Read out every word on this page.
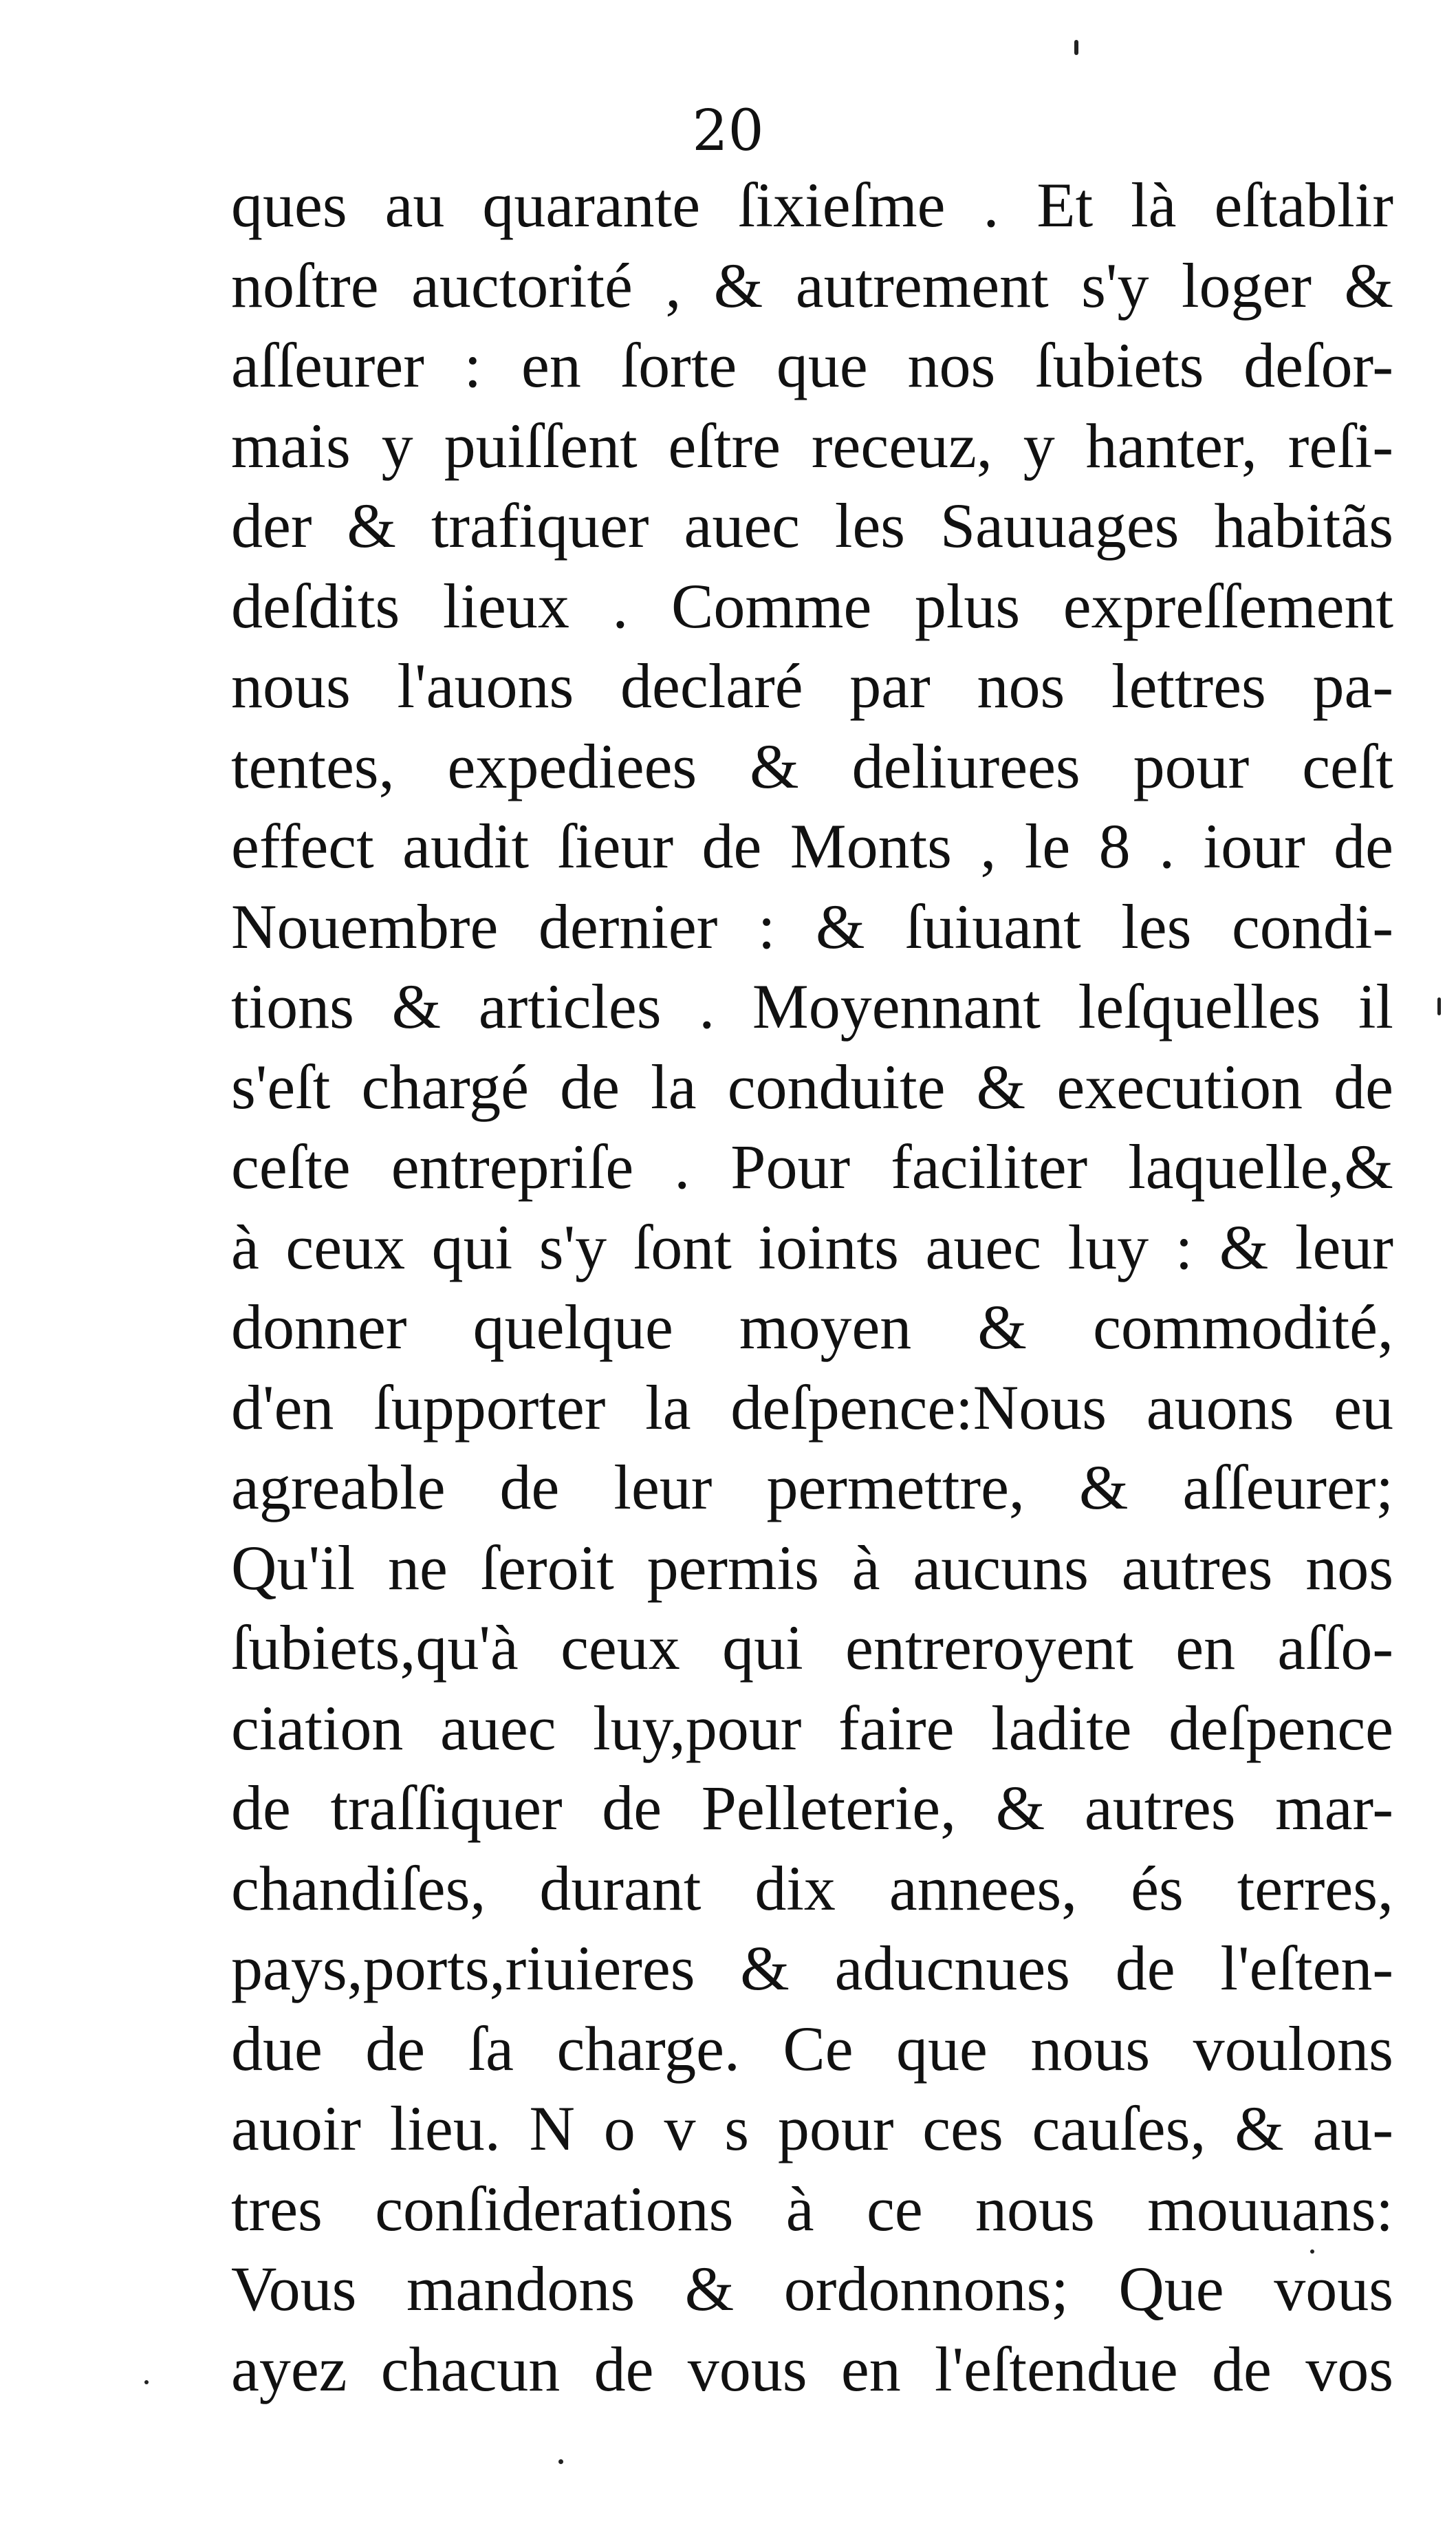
20
ques au quarante ſixieſme . Et là eſtablir
noſtre auctorité , & autrement s'y loger &
aſſeurer : en ſorte que nos ſubiets deſor-
mais y puiſſent eſtre receuz, y hanter, reſi-
der & trafiquer auec les Sauuages habitãs
deſdits lieux . Comme plus expreſſement
nous l'auons declaré par nos lettres pa-
tentes, expediees & deliurees pour ceſt
effect audit ſieur de Monts , le 8 . iour de
Nouembre dernier : & ſuiuant les condi-
tions & articles . Moyennant leſquelles il
s'eſt chargé de la conduite & execution de
ceſte entrepriſe . Pour faciliter laquelle,&
à ceux qui s'y ſont ioints auec luy : & leur
donner quelque moyen & commodité,
d'en ſupporter la deſpence:Nous auons eu
agreable de leur permettre, & aſſeurer;
Qu'il ne ſeroit permis à aucuns autres nos
ſubiets,qu'à ceux qui entreroyent en aſſo-
ciation auec luy,pour faire ladite deſpence
de traſſiquer de Pelleterie, & autres mar-
chandiſes, durant dix annees, és terres,
pays,ports,riuieres & aducnues de l'eſten-
due de ſa charge. Ce que nous voulons
auoir lieu. N o v s pour ces cauſes, & au-
tres conſiderations à ce nous mouuans:
Vous mandons & ordonnons; Que vous
ayez chacun de vous en l'eſtendue de vos
